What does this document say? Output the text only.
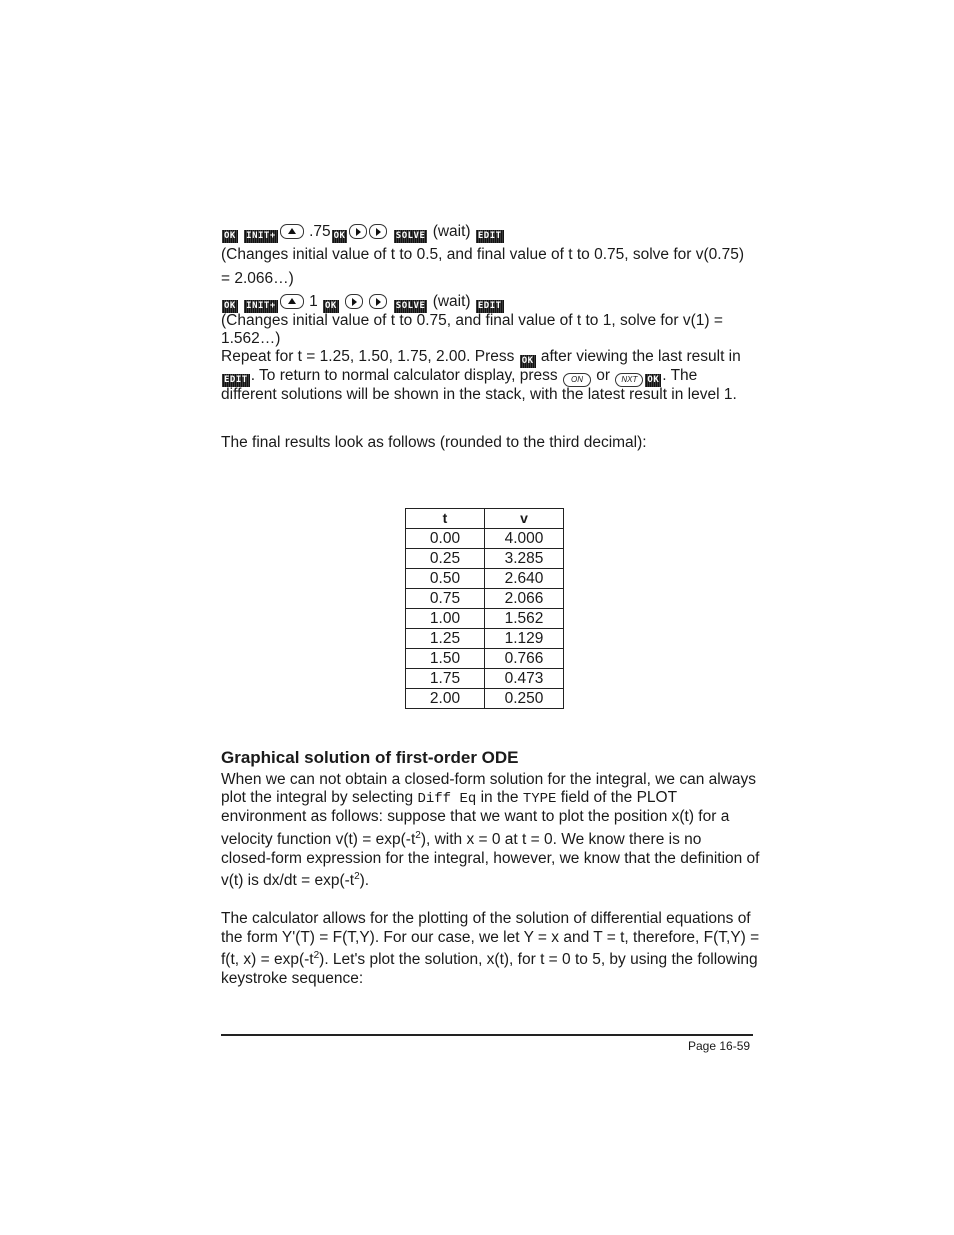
OK INIT+ .75 OK	SOLVE (wait) EDIT
(Changes initial value of t to 0.5, and final value of t to 0.75, solve for v(0.75)
= 2.066…)
OK INIT+ 1 OK
	SOLVE (wait) EDIT
(Changes initial value of t to 0.75, and final value of t to 1, solve for v(1) =
1.562…)
Repeat for t = 1.25, 1.50, 1.75, 2.00. Press OK after viewing the last result in
EDIT . To return to normal calculator display, press ON or NXT OK . The
different solutions will be shown in the stack, with the latest result in level 1.
The final results look as follows (rounded to the third decimal):
t	v
0.00	4.000
0.25	3.285
0.50	2.640
0.75	2.066
1.00	1.562
1.25	1.129
1.50	0.766
1.75	0.473
2.00	0.250
Graphical solution of first-order ODE
When we can not obtain a closed-form solution for the integral, we can always
plot the integral by selecting Diff Eq in the TYPE field of the PLOT
environment as follows: suppose that we want to plot the position x(t) for a
velocity function $v(t) = \exp(-t^2)$, with x = 0 at t = 0. We know there is no
closed-form expression for the integral, however, we know that the definition of
v(t) is $dx/dt = \exp(-t^2)$.
The calculator allows for the plotting of the solution of differential equations of
the form Y'(T) = F(T,Y). For our case, we let Y = x and T = t, therefore, F(T,Y) =
f(t, $x) = \exp(-t^2)$. Let's plot the solution, x(t), for t = 0 to 5, by using the following
keystroke sequence:
Page 16-59
